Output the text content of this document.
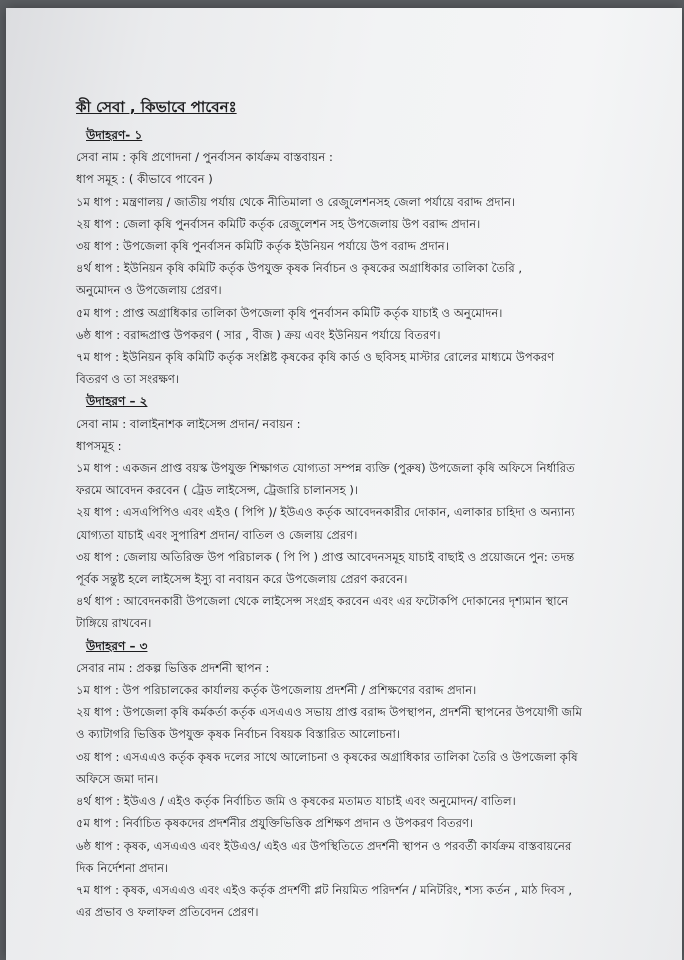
কী সেবা , কিভাবে পাবেনঃ
উদাহরণ- ১
সেবা নাম : কৃষি প্রণোদনা / পুনর্বাসন কার্যক্রম বাস্তবায়ন :
ধাপ সমূহ : ( কীভাবে পাবেন )
১ম ধাপ : মন্ত্রণালয় / জাতীয় পর্যায় থেকে নীতিমালা ও রেজুলেশনসহ জেলা পর্যায়ে বরাদ্দ প্রদান।
২য় ধাপ : জেলা কৃষি পুনর্বাসন কমিটি কর্তৃক রেজুলেশন সহ উপজেলায় উপ বরাদ্দ প্রদান।
৩য় ধাপ : উপজেলা কৃষি পুনর্বাসন কমিটি কর্তৃক ইউনিয়ন পর্যায়ে উপ বরাদ্দ প্রদান।
৪র্থ ধাপ : ইউনিয়ন কৃষি কমিটি কর্তৃক উপযুক্ত কৃষক নির্বাচন ও কৃষকের অগ্রাধিকার তালিকা তৈরি ,
অনুমোদন ও উপজেলায় প্রেরণ।
৫ম ধাপ : প্রাপ্ত অগ্রাধিকার তালিকা উপজেলা কৃষি পুনর্বাসন কমিটি কর্তৃক যাচাই ও অনুমোদন।
৬ষ্ঠ ধাপ : বরাদ্দপ্রাপ্ত উপকরণ ( সার , বীজ ) ক্রয় এবং ইউনিয়ন পর্যায়ে বিতরণ।
৭ম ধাপ : ইউনিয়ন কৃষি কমিটি কর্তৃক সংশ্লিষ্ট কৃষকের কৃষি কার্ড ও ছবিসহ মাস্টার রোলের মাধ্যমে উপকরণ
বিতরণ ও তা সংরক্ষণ।
উদাহরণ – ২
সেবা নাম : বালাইনাশক লাইসেন্স প্রদান/ নবায়ন :
ধাপসমূহ :
১ম ধাপ : একজন প্রাপ্ত বয়স্ক উপযুক্ত শিক্ষাগত যোগ্যতা সম্পন্ন ব্যক্তি (পুরুষ) উপজেলা কৃষি অফিসে নির্ধারিত
ফরমে আবেদন করবেন ( ট্রেড লাইসেন্স, ট্রেজারি চালানসহ )।
২য় ধাপ : এসএপিপিও এবং এইও ( পিপি )/ ইউএও কর্তৃক আবেদনকারীর দোকান, এলাকার চাহিদা ও অন্যান্য
যোগ্যতা যাচাই এবং সুপারিশ প্রদান/ বাতিল ও জেলায় প্রেরণ।
৩য় ধাপ : জেলায় অতিরিক্ত উপ পরিচালক ( পি পি ) প্রাপ্ত আবেদনসমূহ যাচাই বাছাই ও প্রয়োজনে পুন: তদন্ত
পূর্বক সন্তুষ্ট হলে লাইসেন্স ইস্যু বা নবায়ন করে উপজেলায় প্রেরণ করবেন।
৪র্থ ধাপ : আবেদনকারী উপজেলা থেকে লাইসেন্স সংগ্রহ করবেন এবং এর ফটোকপি দোকানের দৃশ্যমান স্থানে
টাঙ্গিয়ে রাখবেন।
উদাহরণ – ৩
সেবার নাম : প্রকল্প ভিত্তিক প্রদর্শনী স্থাপন :
১ম ধাপ : উপ পরিচালকের কার্যালয় কর্তৃক উপজেলায় প্রদর্শনী / প্রশিক্ষণের বরাদ্দ প্রদান।
২য় ধাপ : উপজেলা কৃষি কর্মকর্তা কর্তৃক এসএএও সভায় প্রাপ্ত বরাদ্দ উপস্থাপন, প্রদর্শনী স্থাপনের উপযোগী জমি
ও ক্যাটাগরি ভিত্তিক উপযুক্ত কৃষক নির্বাচন বিষয়ক বিস্তারিত আলোচনা।
৩য় ধাপ : এসএএও কর্তৃক কৃষক দলের সাথে আলোচনা ও কৃষকের অগ্রাধিকার তালিকা তৈরি ও উপজেলা কৃষি
অফিসে জমা দান।
৪র্থ ধাপ : ইউএও / এইও কর্তৃক নির্বাচিত জমি ও কৃষকের মতামত যাচাই এবং অনুমোদন/ বাতিল।
৫ম ধাপ : নির্বাচিত কৃষকদের প্রদর্শনীর প্রযুক্তিভিত্তিক প্রশিক্ষণ প্রদান ও উপকরণ বিতরণ।
৬ষ্ঠ ধাপ : কৃষক, এসএএও এবং ইউএও/ এইও এর উপস্থিতিতে প্রদর্শনী স্থাপন ও পরবর্তী কার্যক্রম বাস্তবায়নের
দিক নির্দেশনা প্রদান।
৭ম ধাপ : কৃষক, এসএএও এবং এইও কর্তৃক প্রদর্শণী প্লট নিয়মিত পরিদর্শন / মনিটরিং, শস্য কর্তন , মাঠ দিবস ,
এর প্রভাব ও ফলাফল প্রতিবেদন প্রেরণ।
